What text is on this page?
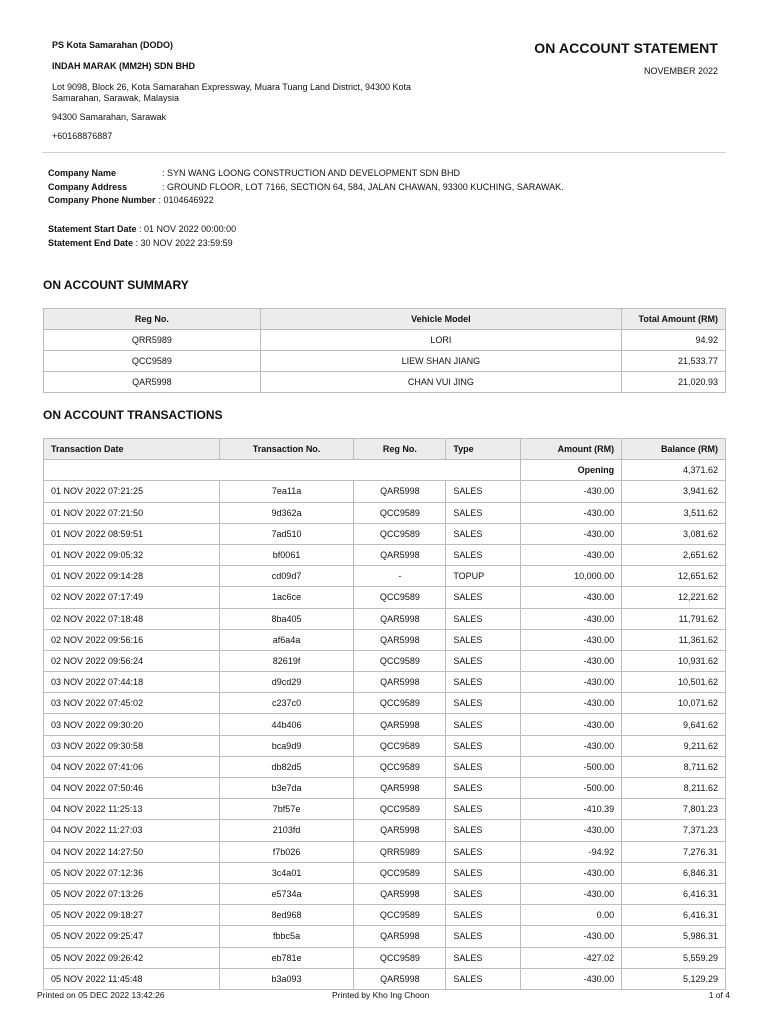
PS Kota Samarahan (DODO)
INDAH MARAK (MM2H) SDN BHD
Lot 9098, Block 26, Kota Samarahan Expressway, Muara Tuang Land District, 94300 Kota Samarahan, Sarawak, Malaysia
94300 Samarahan, Sarawak
+60168876887
ON ACCOUNT STATEMENT
NOVEMBER 2022
Company Name	: SYN WANG LOONG CONSTRUCTION AND DEVELOPMENT SDN BHD
Company Address	: GROUND FLOOR, LOT 7166, SECTION 64, 584, JALAN CHAWAN, 93300 KUCHING, SARAWAK.
Company Phone Number : 0104646922
Statement Start Date : 01 NOV 2022 00:00:00
Statement End Date : 30 NOV 2022 23:59:59
ON ACCOUNT SUMMARY
Reg No.	Vehicle Model	Total Amount (RM)
QRR5989	LORI	94.92
QCC9589	LIEW SHAN JIANG	21,533.77
QAR5998	CHAN VUI JING	21,020.93
ON ACCOUNT TRANSACTIONS
Transaction Date	Transaction No.	Reg No.	Type	Amount (RM)	Balance (RM)
				Opening	4,371.62
01 NOV 2022 07:21:25	7ea11a	QAR5998	SALES	-430.00	3,941.62
01 NOV 2022 07:21:50	9d362a	QCC9589	SALES	-430.00	3,511.62
01 NOV 2022 08:59:51	7ad510	QCC9589	SALES	-430.00	3,081.62
01 NOV 2022 09:05:32	bf0061	QAR5998	SALES	-430.00	2,651.62
01 NOV 2022 09:14:28	cd09d7	-	TOPUP	10,000.00	12,651.62
02 NOV 2022 07:17:49	1ac6ce	QCC9589	SALES	-430.00	12,221.62
02 NOV 2022 07:18:48	8ba405	QAR5998	SALES	-430.00	11,791.62
02 NOV 2022 09:56:16	af6a4a	QAR5998	SALES	-430.00	11,361.62
02 NOV 2022 09:56:24	82619f	QCC9589	SALES	-430.00	10,931.62
03 NOV 2022 07:44:18	d9cd29	QAR5998	SALES	-430.00	10,501.62
03 NOV 2022 07:45:02	c237c0	QCC9589	SALES	-430.00	10,071.62
03 NOV 2022 09:30:20	44b406	QAR5998	SALES	-430.00	9,641.62
03 NOV 2022 09:30:58	bca9d9	QCC9589	SALES	-430.00	9,211.62
04 NOV 2022 07:41:06	db82d5	QCC9589	SALES	-500.00	8,711.62
04 NOV 2022 07:50:46	b3e7da	QAR5998	SALES	-500.00	8,211.62
04 NOV 2022 11:25:13	7bf57e	QCC9589	SALES	-410.39	7,801.23
04 NOV 2022 11:27:03	2103fd	QAR5998	SALES	-430.00	7,371.23
04 NOV 2022 14:27:50	f7b026	QRR5989	SALES	-94.92	7,276.31
05 NOV 2022 07:12:36	3c4a01	QCC9589	SALES	-430.00	6,846.31
05 NOV 2022 07:13:26	e5734a	QAR5998	SALES	-430.00	6,416.31
05 NOV 2022 09:18:27	8ed968	QCC9589	SALES	0.00	6,416.31
05 NOV 2022 09:25:47	fbbc5a	QAR5998	SALES	-430.00	5,986.31
05 NOV 2022 09:26:42	eb781e	QCC9589	SALES	-427.02	5,559.29
05 NOV 2022 11:45:48	b3a093	QAR5998	SALES	-430.00	5,129.29
Printed on 05 DEC 2022 13:42:26	Printed by Kho Ing Choon	1 of 4
